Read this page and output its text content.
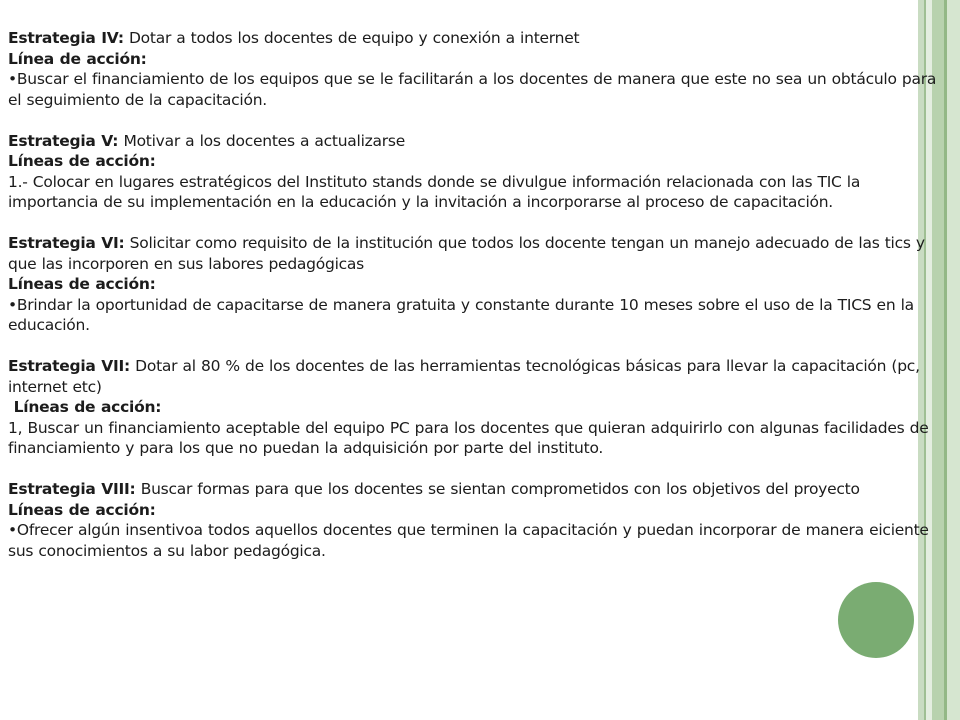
Estrategia IV: Dotar a todos los docentes de equipo y conexión a internet

Línea de acción:

•Buscar el financiamiento de los equipos que se le facilitarán a los docentes de manera que este no sea un obtáculo para el seguimiento de la capacitación.

Estrategia V: Motivar a los docentes a actualizarse

Líneas de acción:

1.- Colocar en lugares estratégicos del Instituto stands donde se divulgue información relacionada con las TIC la importancia de su implementación en la educación y la invitación a incorporarse al proceso de capacitación.

Estrategia VI: Solicitar como requisito de la institución que todos los docente tengan un manejo adecuado de las tics y que las incorporen en sus labores pedagógicas

Líneas de acción:

•Brindar la oportunidad de capacitarse de manera gratuita y constante durante 10 meses sobre el uso de la TICS en la educación.

Estrategia VII: Dotar al 80 % de los docentes de las herramientas tecnológicas básicas para llevar la capacitación (pc, internet etc)

Líneas de acción:

1, Buscar un financiamiento aceptable del equipo PC para los docentes que quieran adquirirlo con algunas facilidades de financiamiento y para los que no puedan la adquisición por parte del instituto.

Estrategia VIII: Buscar formas para que los docentes se sientan comprometidos con los objetivos del proyecto

Líneas de acción:

•Ofrecer algún insentivoa todos aquellos docentes que terminen la capacitación y puedan incorporar de manera eiciente sus conocimientos a su labor pedagógica.
